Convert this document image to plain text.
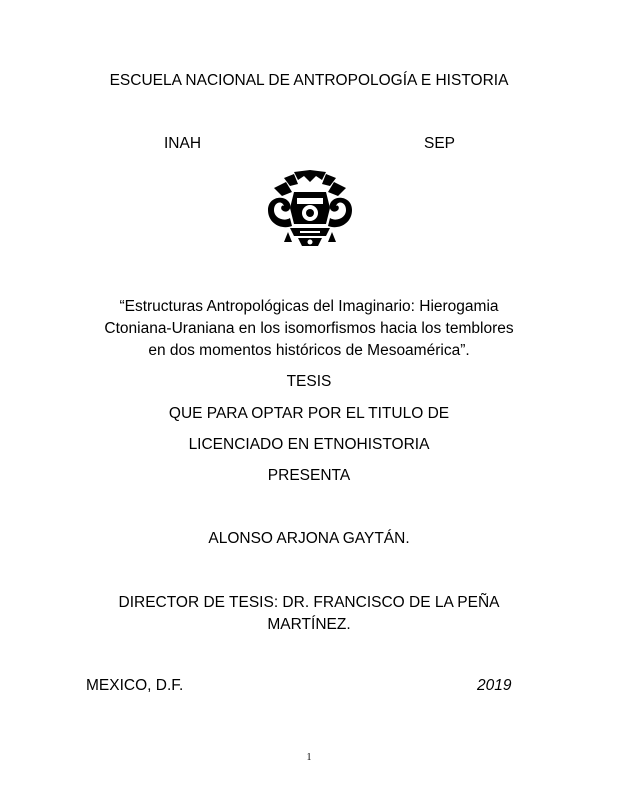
ESCUELA NACIONAL DE ANTROPOLOGÍA E HISTORIA
INAH	SEP
“Estructuras Antropológicas del Imaginario: Hierogamia
Ctoniana-Uraniana en los isomorfismos hacia los temblores
en dos momentos históricos de Mesoamérica”.
TESIS
QUE PARA OPTAR POR EL TITULO DE
LICENCIADO EN ETNOHISTORIA
PRESENTA
ALONSO ARJONA GAYTÁN.
DIRECTOR DE TESIS: DR. FRANCISCO DE LA PEÑA
MARTÍNEZ.
MEXICO, D.F.	2019
1
